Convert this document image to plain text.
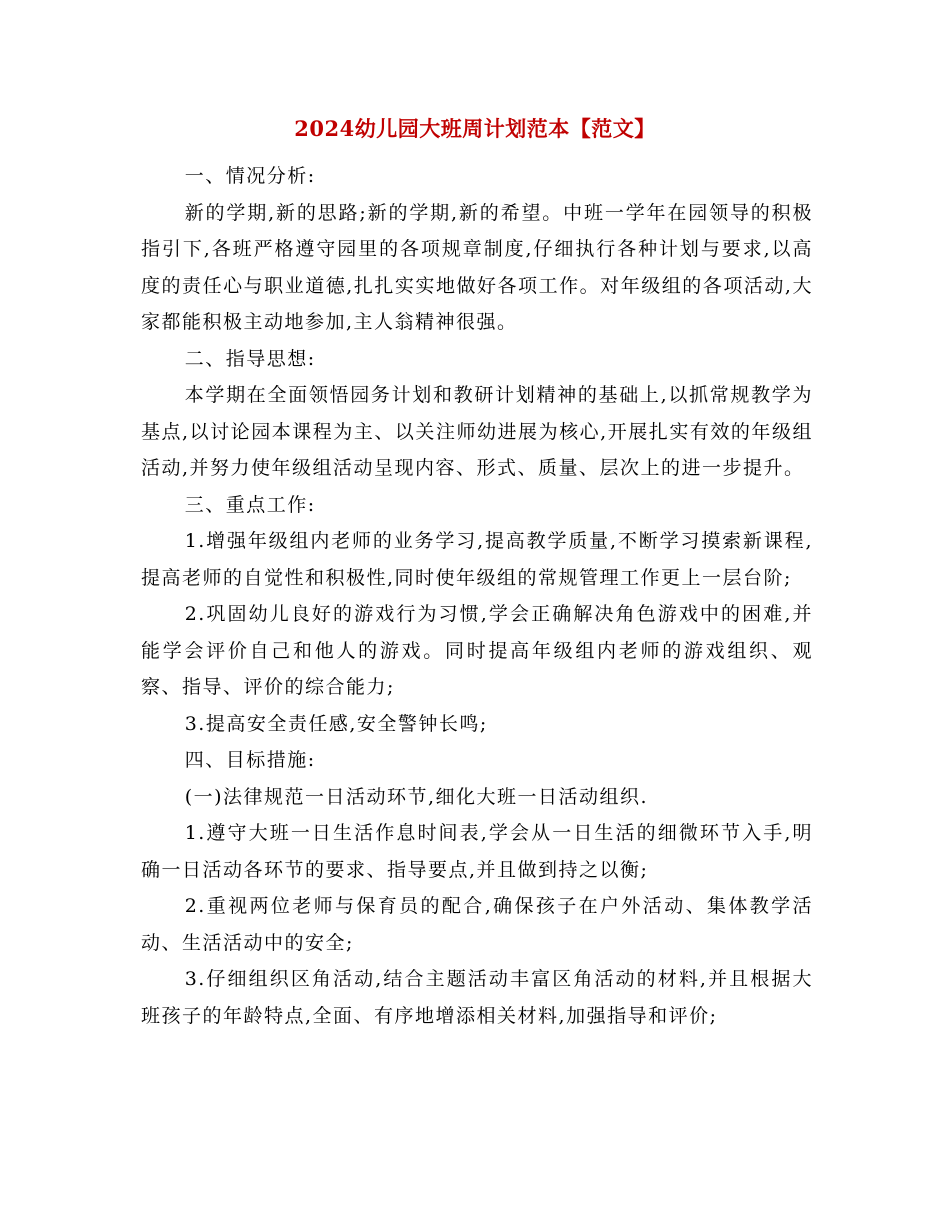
2024幼儿园大班周计划范本【范文】

一、情况分析:

新的学期,新的思路;新的学期,新的希望。中班一学年在园领导的积极指引下,各班严格遵守园里的各项规章制度,仔细执行各种计划与要求,以高度的责任心与职业道德,扎扎实实地做好各项工作。对年级组的各项活动,大家都能积极主动地参加,主人翁精神很强。

二、指导思想:

本学期在全面领悟园务计划和教研计划精神的基础上,以抓常规教学为基点,以讨论园本课程为主、以关注师幼进展为核心,开展扎实有效的年级组活动,并努力使年级组活动呈现内容、形式、质量、层次上的进一步提升。

三、重点工作:

1.增强年级组内老师的业务学习,提高教学质量,不断学习摸索新课程,提高老师的自觉性和积极性,同时使年级组的常规管理工作更上一层台阶;

2.巩固幼儿良好的游戏行为习惯,学会正确解决角色游戏中的困难,并能学会评价自己和他人的游戏。同时提高年级组内老师的游戏组织、观察、指导、评价的综合能力;

3.提高安全责任感,安全警钟长鸣;

四、目标措施:

(一)法律规范一日活动环节,细化大班一日活动组织.

1.遵守大班一日生活作息时间表,学会从一日生活的细微环节入手,明确一日活动各环节的要求、指导要点,并且做到持之以衡;

2.重视两位老师与保育员的配合,确保孩子在户外活动、集体教学活动、生活活动中的安全;

3.仔细组织区角活动,结合主题活动丰富区角活动的材料,并且根据大班孩子的年龄特点,全面、有序地增添相关材料,加强指导和评价;
